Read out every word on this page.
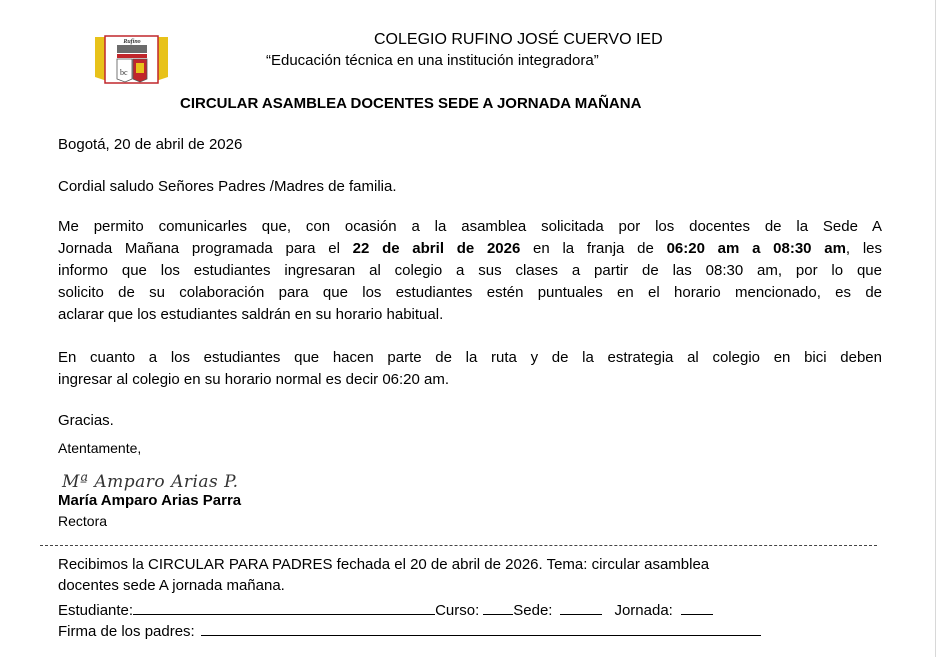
bc
Rufino	COLEGIO RUFINO JOSÉ CUERVO IED
“Educación técnica en una institución integradora”
CIRCULAR ASAMBLEA DOCENTES SEDE A JORNADA MAÑANA
Bogotá, 20 de abril de 2026
Cordial saludo Señores Padres /Madres de familia.
Me permito comunicarles que, con ocasión a la asamblea solicitada por los docentes de la Sede A
Jornada Mañana programada para el 22 de abril de 2026 en la franja de 06:20 am a 08:30 am, les
informo que los estudiantes ingresaran al colegio a sus clases a partir de las 08:30 am, por lo que
solicito de su colaboración para que los estudiantes estén puntuales en el horario mencionado, es de
aclarar que los estudiantes saldrán en su horario habitual.
En cuanto a los estudiantes que hacen parte de la ruta y de la estrategia al colegio en bici deben
ingresar al colegio en su horario normal es decir 06:20 am.
Gracias.
Atentamente,
Mª Amparo Arias P.
María Amparo Arias Parra
Rectora
Recibimos la CIRCULAR PARA PADRES fechada el 20 de abril de 2026. Tema: circular asamblea
docentes sede A jornada mañana.
Estudiante:	Curso: Sede:	Jornada:
Firma de los padres:
